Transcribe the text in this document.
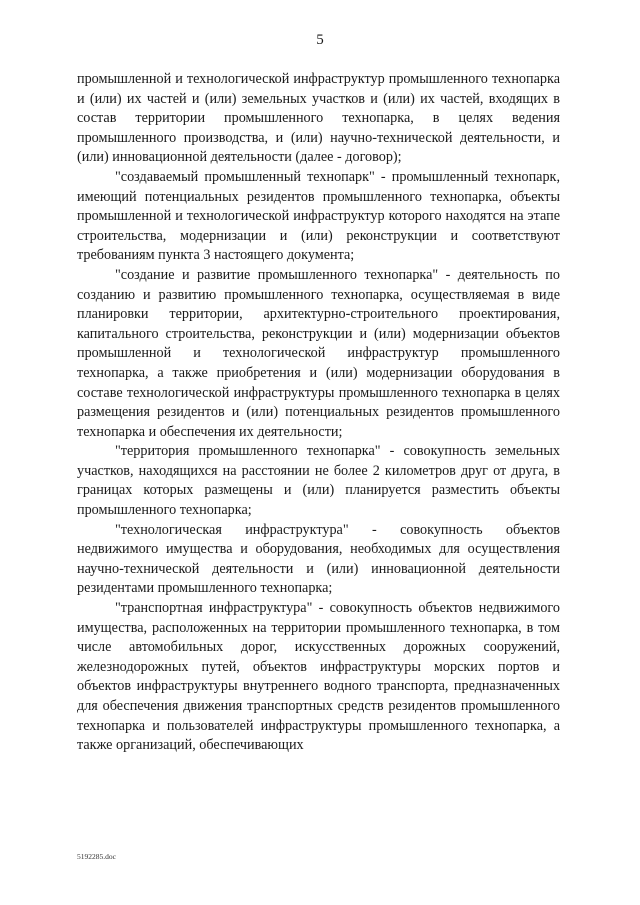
5

промышленной и технологической инфраструктур промышленного технопарка и (или) их частей и (или) земельных участков и (или) их частей, входящих в состав территории промышленного технопарка, в целях ведения промышленного производства, и (или) научно-технической деятельности, и (или) инновационной деятельности (далее - договор);

"создаваемый промышленный технопарк" - промышленный технопарк, имеющий потенциальных резидентов промышленного технопарка, объекты промышленной и технологической инфраструктур которого находятся на этапе строительства, модернизации и (или) реконструкции и соответствуют требованиям пункта 3 настоящего документа;

"создание и развитие промышленного технопарка" - деятельность по созданию и развитию промышленного технопарка, осуществляемая в виде планировки территории, архитектурно-строительного проектирования, капитального строительства, реконструкции и (или) модернизации объектов промышленной и технологической инфраструктур промышленного технопарка, а также приобретения и (или) модернизации оборудования в составе технологической инфраструктуры промышленного технопарка в целях размещения резидентов и (или) потенциальных резидентов промышленного технопарка и обеспечения их деятельности;

"территория промышленного технопарка" - совокупность земельных участков, находящихся на расстоянии не более 2 километров друг от друга, в границах которых размещены и (или) планируется разместить объекты промышленного технопарка;

"технологическая инфраструктура" - совокупность объектов недвижимого имущества и оборудования, необходимых для осуществления научно-технической деятельности и (или) инновационной деятельности резидентами промышленного технопарка;

"транспортная инфраструктура" - совокупность объектов недвижимого имущества, расположенных на территории промышленного технопарка, в том числе автомобильных дорог, искусственных дорожных сооружений, железнодорожных путей, объектов инфраструктуры морских портов и объектов инфраструктуры внутреннего водного транспорта, предназначенных для обеспечения движения транспортных средств резидентов промышленного технопарка и пользователей инфраструктуры промышленного технопарка, а также организаций, обеспечивающих

5192285.doc
